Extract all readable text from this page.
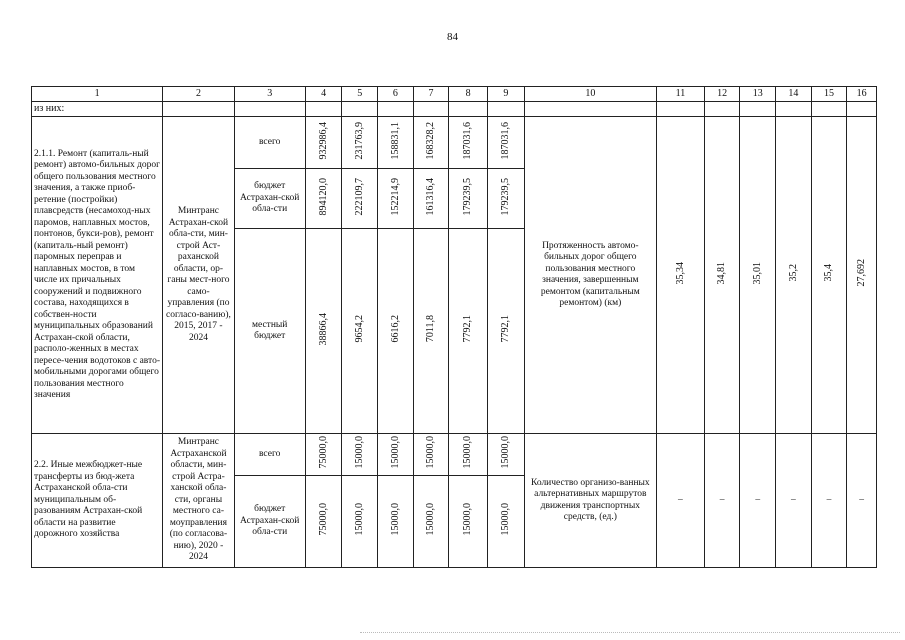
84
1	2	3	4	5	6	7	8	9	10	11	12	13	14	15	16
из них:															
2.1.1. Ремонт (капиталь-ный ремонт) автомо-бильных дорог общего пользования местного значения, а также приоб-ретение (постройки) плавсредств (несамоход-ных паромов, наплавных мостов, понтонов, букси-ров), ремонт (капиталь-ный ремонт) паромных переправ и наплавных мостов, в том числе их причальных сооружений и подвижного состава, находящихся в собствен-ности муниципальных образований Астрахан-ской области, располо-женных в местах пересе-чения водотоков с авто-мобильными дорогами общего пользования местного значения	Минтранс Астрахан-ской обла-сти, мин-строй Аст-раханской области, ор-ганы мест-ного само-управления (по согласо-ванию), 2015, 2017 - 2024	всего	932986,4	231763,9	158831,1	168328,2	187031,6	187031,6	Протяженность автомо-бильных дорог общего пользования местного значения, завершенным ремонтом (капитальным ремонтом) (км)	35,34	34,81	35,01	35,2	35,4	27,692
		бюджет Астрахан-ской обла-сти	894120,0	222109,7	152214,9	161316,4	179239,5	179239,5							
		местный бюджет	38866,4	9654,2	6616,2	7011,8	7792,1	7792,1							
2.2. Иные межбюджет-ные трансферты из бюд-жета Астраханской обла-сти муниципальным об-разованиям Астрахан-ской области на развитие дорожного хозяйства	Минтранс Астраханской области, мин-строй Астра-ханской обла-сти, органы местного са-моуправления (по согласова-нию), 2020 - 2024	всего	75000,0	15000,0	15000,0	15000,0	15000,0	15000,0	Количество организо-ванных альтернативных маршрутов движения транспортных средств, (ед.)	–	–	–	–	–	–
		бюджет Астрахан-ской обла-сти	75000,0	15000,0	15000,0	15000,0	15000,0	15000,0							
